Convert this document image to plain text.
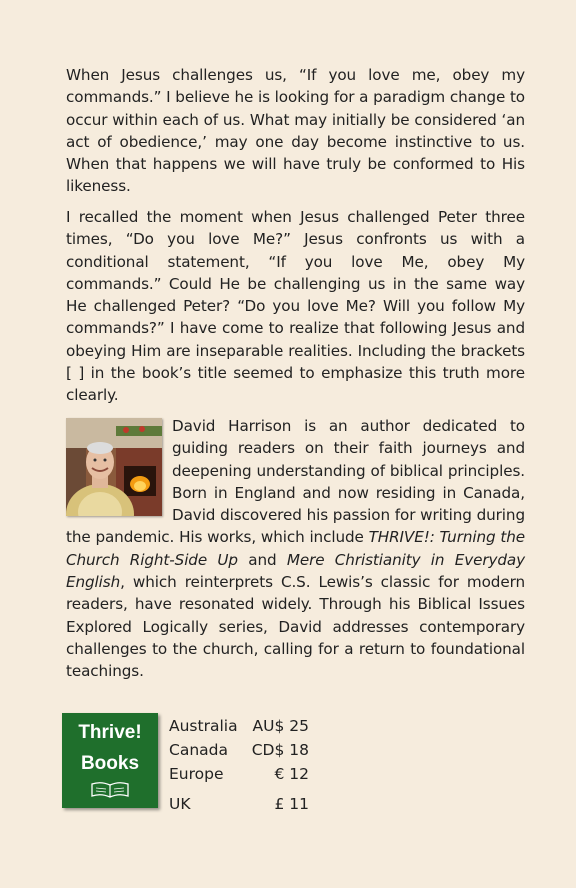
When Jesus challenges us, “If you love me, obey my commands.” I believe he is looking for a paradigm change to occur within each of us. What may initially be considered ‘an act of obedience,’ may one day become instinctive to us. When that happens we will have truly be conformed to His likeness.

I recalled the moment when Jesus challenged Peter three times, “Do you love Me?” Jesus confronts us with a conditional statement, “If you love Me, obey My commands.” Could He be challenging us in the same way He challenged Peter? “Do you love Me? Will you follow My commands?” I have come to realize that following Jesus and obeying Him are inseparable realities. Including the brackets [ ] in the book’s title seemed to emphasize this truth more clearly.

David Harrison is an author dedicated to guiding readers on their faith journeys and deepening understanding of biblical principles. Born in England and now residing in Canada, David discovered his passion for writing during the pandemic. His works, which include THRIVE!: Turning the Church Right-Side Up and Mere Christianity in Everyday English, which reinterprets C.S. Lewis’s classic for modern readers, have resonated widely. Through his Biblical Issues Explored Logically series, David addresses contemporary challenges to the church, calling for a return to foundational teachings.
Thrive!
Books
Australia AU$ 25
Canada CD$ 18
Europe	€ 12
UK	£ 11
